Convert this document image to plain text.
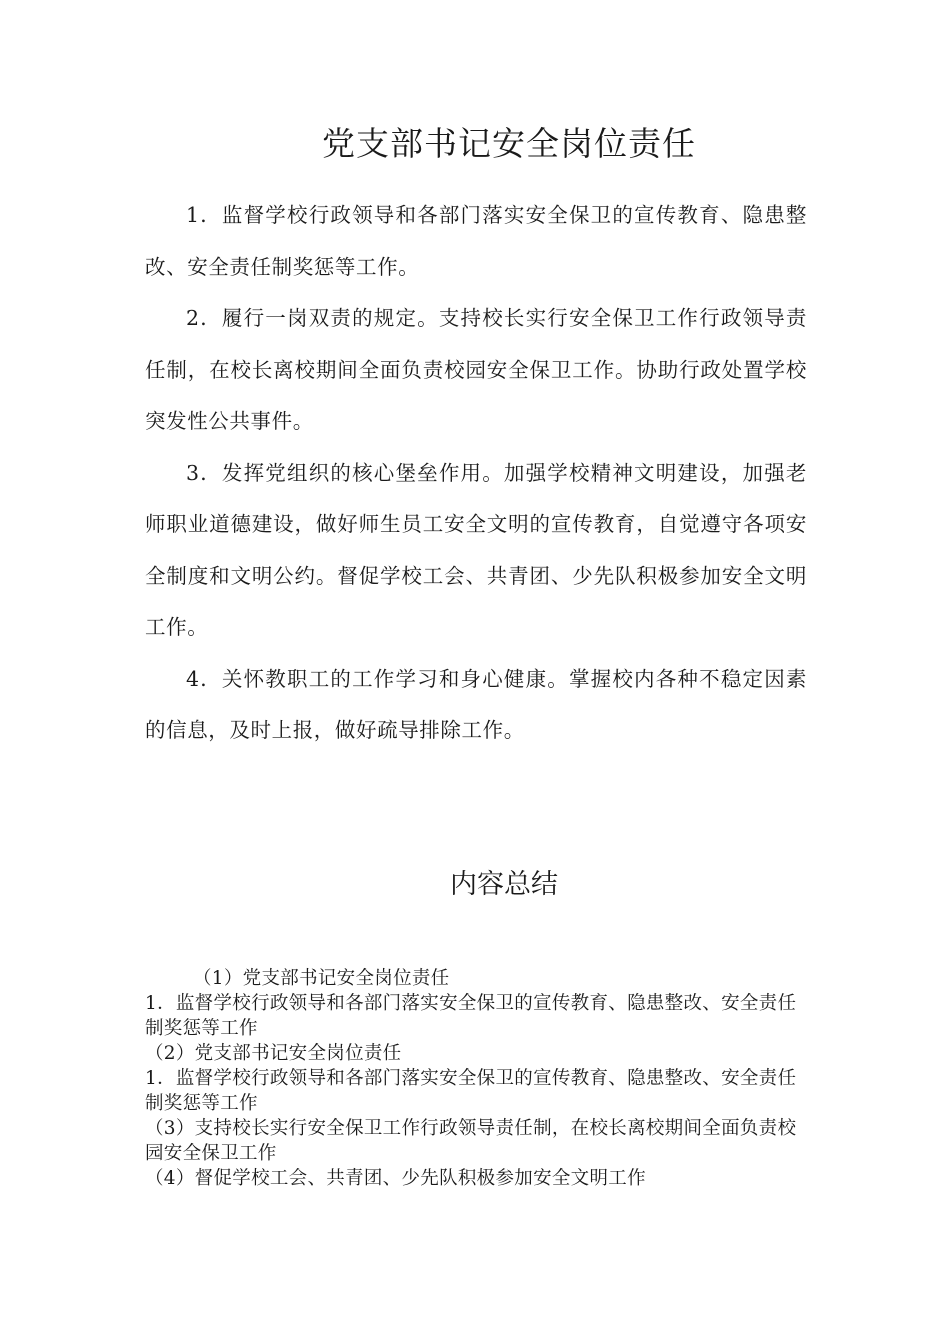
党支部书记安全岗位责任

1．监督学校行政领导和各部门落实安全保卫的宣传教育、隐患整改、安全责任制奖惩等工作。

2．履行一岗双责的规定。支持校长实行安全保卫工作行政领导责任制，在校长离校期间全面负责校园安全保卫工作。协助行政处置学校突发性公共事件。

3．发挥党组织的核心堡垒作用。加强学校精神文明建设，加强老师职业道德建设，做好师生员工安全文明的宣传教育，自觉遵守各项安全制度和文明公约。督促学校工会、共青团、少先队积极参加安全文明工作。

4．关怀教职工的工作学习和身心健康。掌握校内各种不稳定因素的信息，及时上报，做好疏导排除工作。

内容总结

（1）党支部书记安全岗位责任

1．监督学校行政领导和各部门落实安全保卫的宣传教育、隐患整改、安全责任制奖惩等工作

（2）党支部书记安全岗位责任

1．监督学校行政领导和各部门落实安全保卫的宣传教育、隐患整改、安全责任制奖惩等工作

（3）支持校长实行安全保卫工作行政领导责任制，在校长离校期间全面负责校园安全保卫工作

（4）督促学校工会、共青团、少先队积极参加安全文明工作
